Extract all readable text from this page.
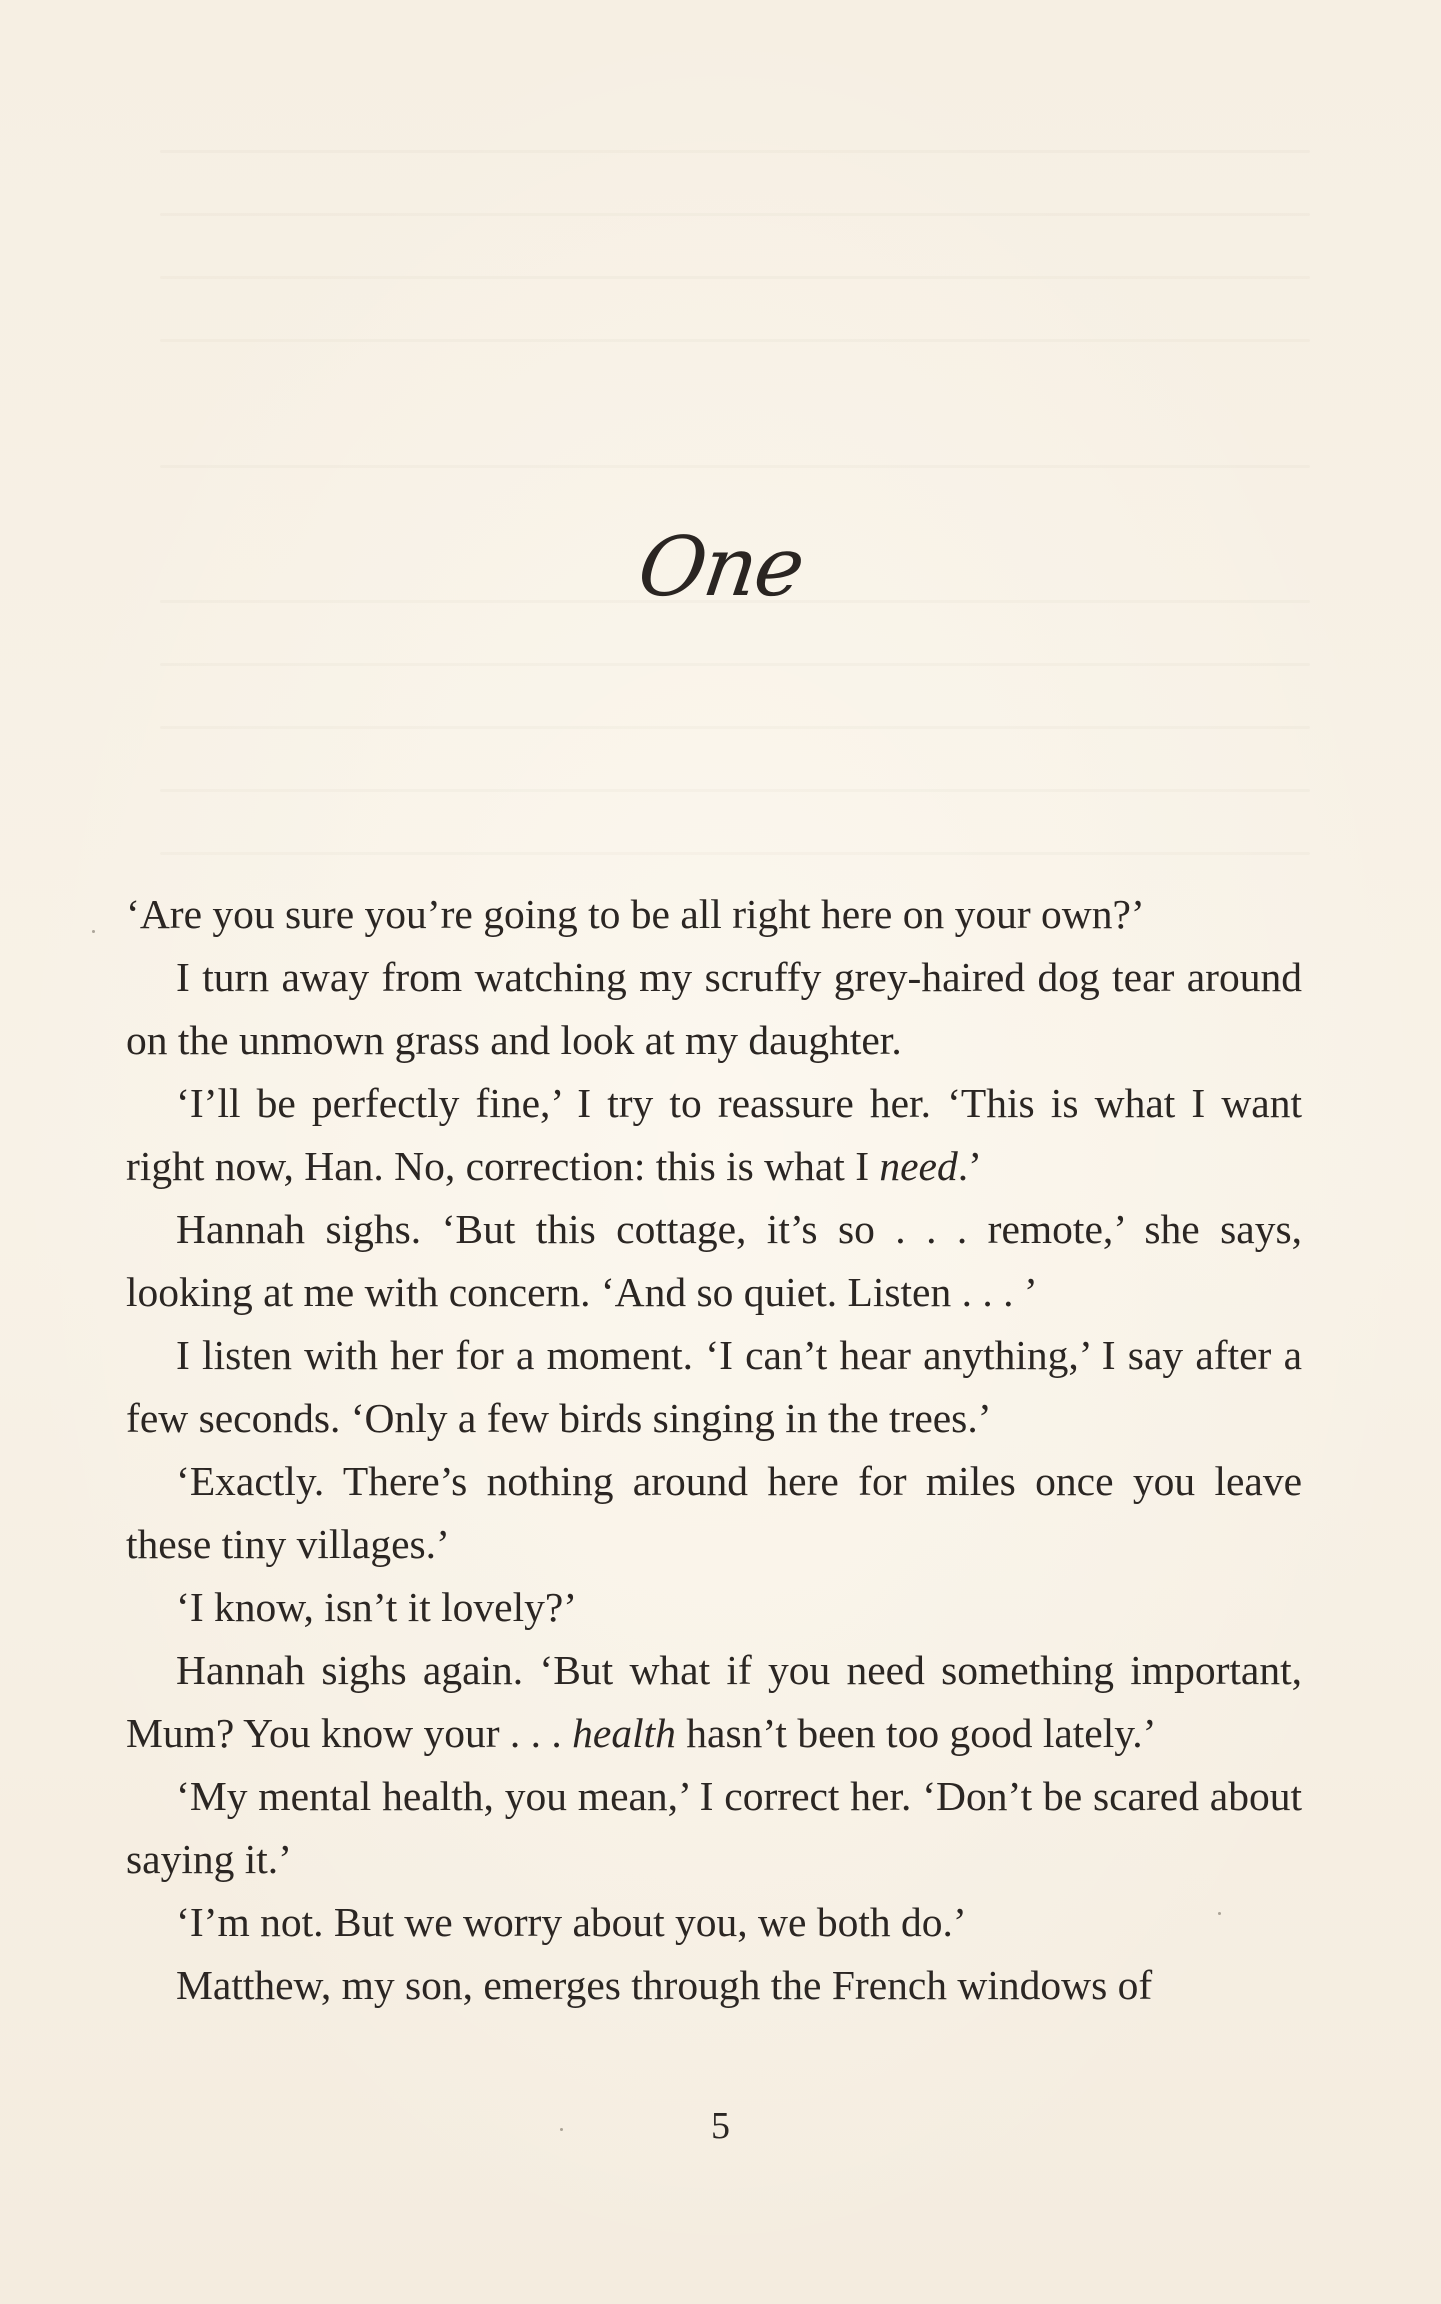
One

‘Are you sure you’re going to be all right here on your own?’

I turn away from watching my scruffy grey-haired dog tear around on the unmown grass and look at my daughter.

‘I’ll be perfectly fine,’ I try to reassure her. ‘This is what I want right now, Han. No, correction: this is what I need.’

Hannah sighs. ‘But this cottage, it’s so . . . remote,’ she says, looking at me with concern. ‘And so quiet. Listen . . . ’

I listen with her for a moment. ‘I can’t hear anything,’ I say after a few seconds. ‘Only a few birds singing in the trees.’

‘Exactly. There’s nothing around here for miles once you leave these tiny villages.’

‘I know, isn’t it lovely?’

Hannah sighs again. ‘But what if you need something important, Mum? You know your . . . health hasn’t been too good lately.’

‘My mental health, you mean,’ I correct her. ‘Don’t be scared about saying it.’

‘I’m not. But we worry about you, we both do.’

Matthew, my son, emerges through the French windows of

5
